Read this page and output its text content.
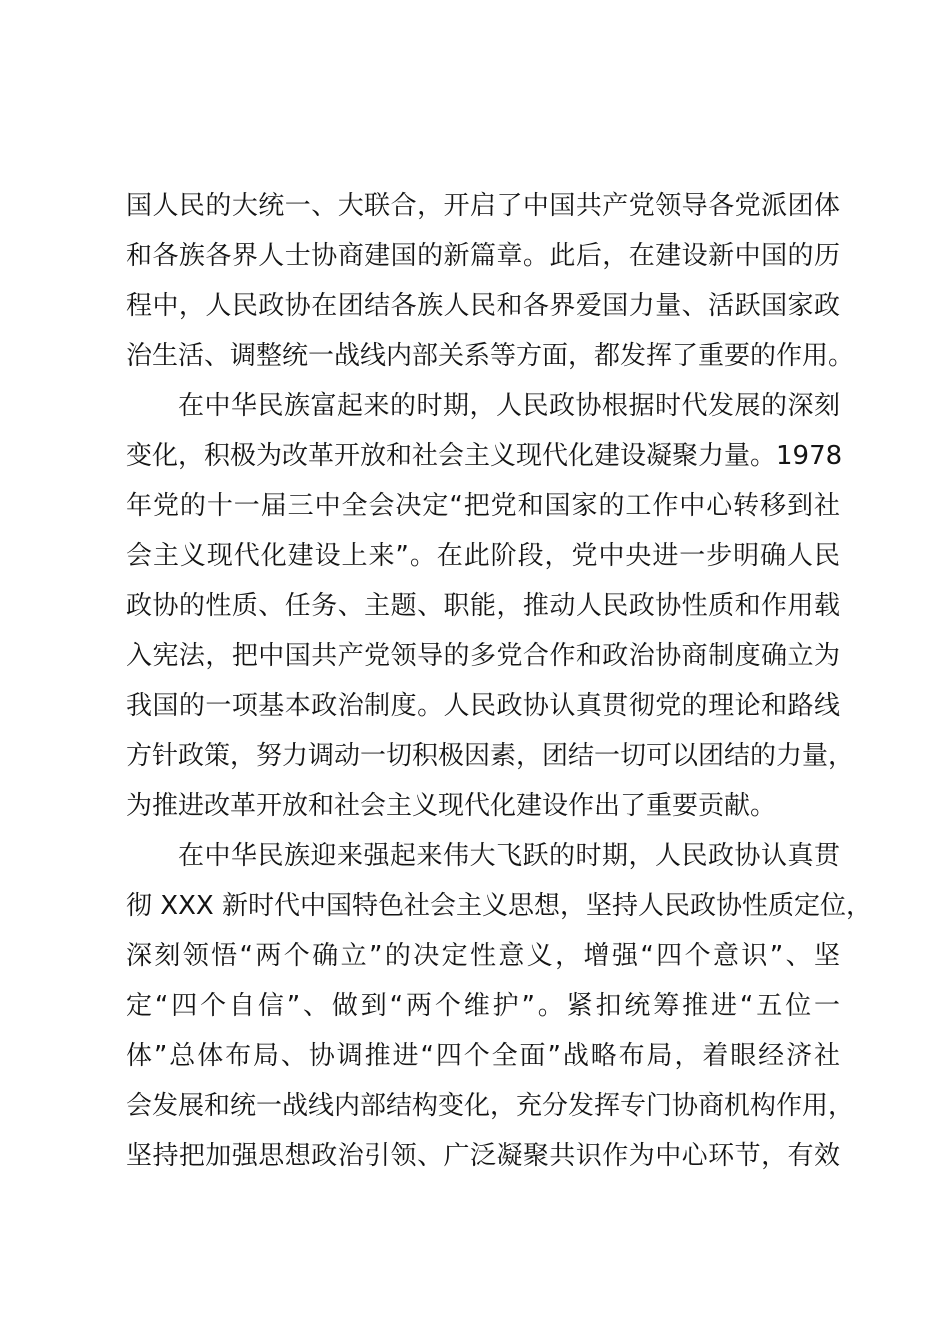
国人民的大统一、大联合，开启了中国共产党领导各党派团体
和各族各界人士协商建国的新篇章。此后，在建设新中国的历
程中，人民政协在团结各族人民和各界爱国力量、活跃国家政
治生活、调整统一战线内部关系等方面，都发挥了重要的作用。
在中华民族富起来的时期，人民政协根据时代发展的深刻
变化，积极为改革开放和社会主义现代化建设凝聚力量。1978
年党的十一届三中全会决定“把党和国家的工作中心转移到社
会主义现代化建设上来”。在此阶段，党中央进一步明确人民
政协的性质、任务、主题、职能，推动人民政协性质和作用载
入宪法，把中国共产党领导的多党合作和政治协商制度确立为
我国的一项基本政治制度。人民政协认真贯彻党的理论和路线
方针政策，努力调动一切积极因素，团结一切可以团结的力量，
为推进改革开放和社会主义现代化建设作出了重要贡献。
在中华民族迎来强起来伟大飞跃的时期，人民政协认真贯
彻 XXX 新时代中国特色社会主义思想，坚持人民政协性质定位，
深刻领悟“两个确立”的决定性意义，增强“四个意识”、坚
定“四个自信”、做到“两个维护”。紧扣统筹推进“五位一
体”总体布局、协调推进“四个全面”战略布局，着眼经济社
会发展和统一战线内部结构变化，充分发挥专门协商机构作用，
坚持把加强思想政治引领、广泛凝聚共识作为中心环节，有效
